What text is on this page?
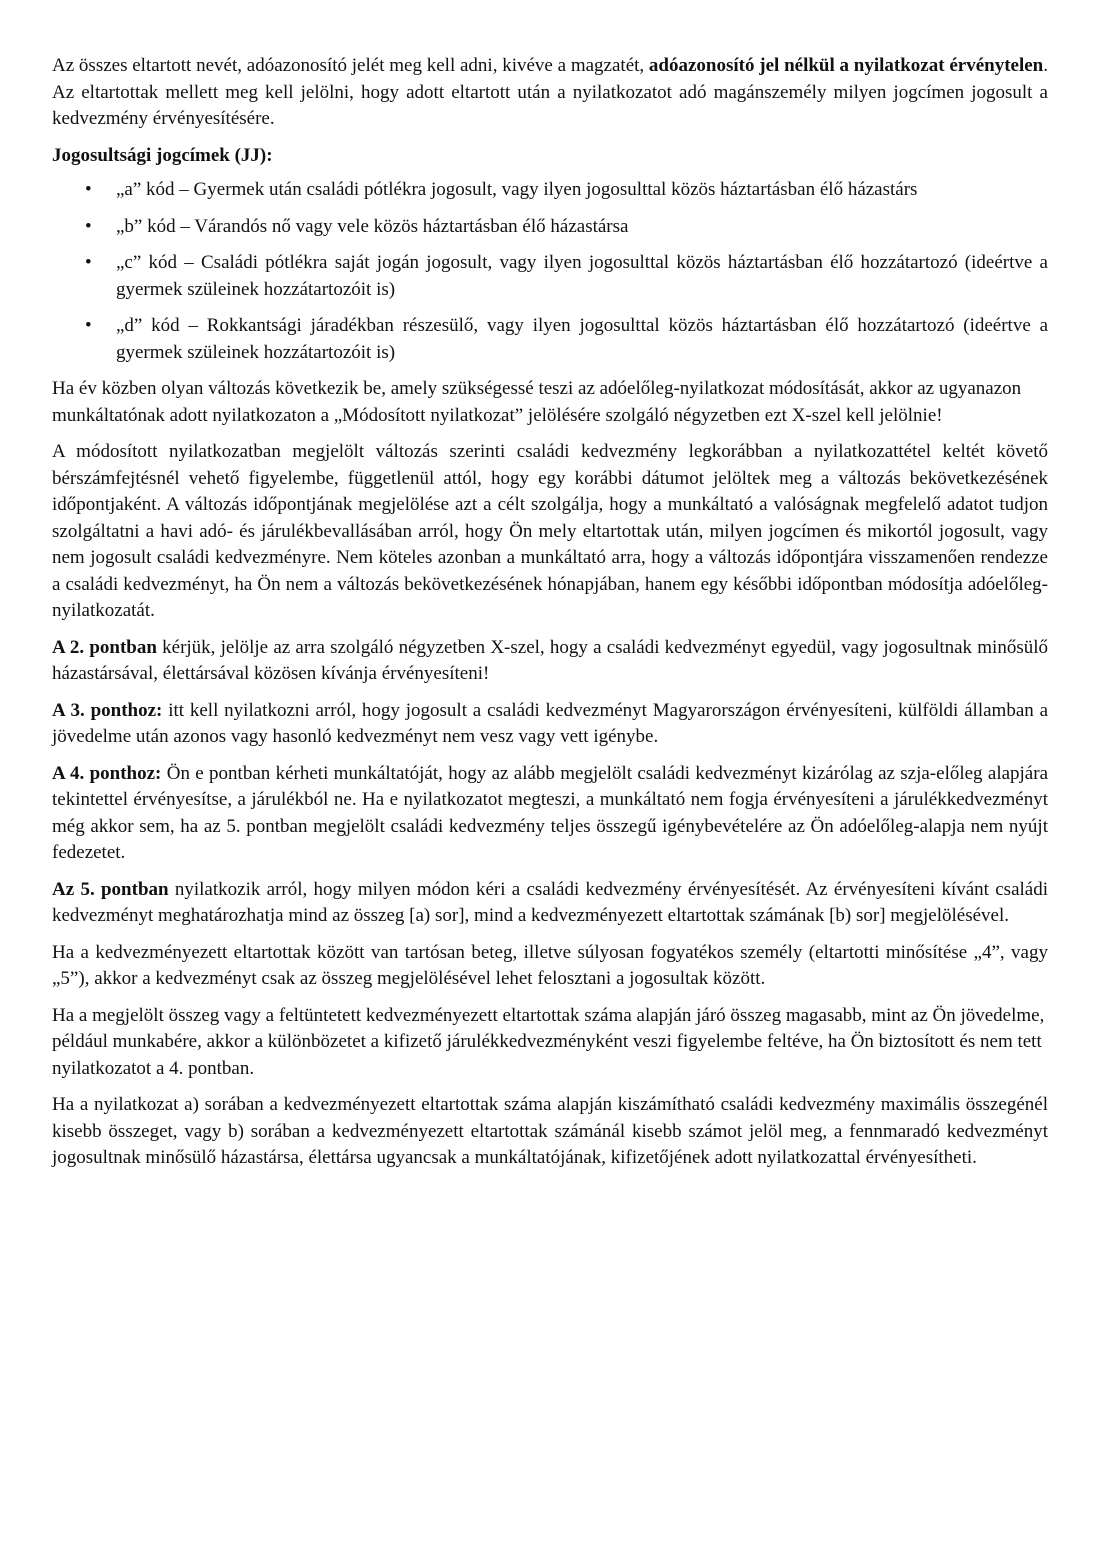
Az összes eltartott nevét, adóazonosító jelét meg kell adni, kivéve a magzatét, adóazonosító jel nélkül a nyilatkozat érvénytelen. Az eltartottak mellett meg kell jelölni, hogy adott eltartott után a nyilatkozatot adó magánszemély milyen jogcímen jogosult a kedvezmény érvényesítésére.

Jogosultsági jogcímek (JJ):
• „a” kód – Gyermek után családi pótlékra jogosult, vagy ilyen jogosulttal közös háztartásban élő házastárs
• „b” kód – Várandós nő vagy vele közös háztartásban élő házastársa
• „c” kód – Családi pótlékra saját jogán jogosult, vagy ilyen jogosulttal közös háztartásban élő hozzátartozó (ideértve a gyermek szüleinek hozzátartozóit is)
• „d” kód – Rokkantsági járadékban részesülő, vagy ilyen jogosulttal közös háztartásban élő hozzátartozó (ideértve a gyermek szüleinek hozzátartozóit is)

Ha év közben olyan változás következik be, amely szükségessé teszi az adóelőleg-nyilatkozat módosítását, akkor az ugyanazon munkáltatónak adott nyilatkozaton a „Módosított nyilatkozat” jelölésére szolgáló négyzetben ezt X-szel kell jelölnie!

A módosított nyilatkozatban megjelölt változás szerinti családi kedvezmény legkorábban a nyilatkozattétel keltét követő bérszámfejtésnél vehető figyelembe, függetlenül attól, hogy egy korábbi dátumot jelöltek meg a változás bekövetkezésének időpontjaként. A változás időpontjának megjelölése azt a célt szolgálja, hogy a munkáltató a valóságnak megfelelő adatot tudjon szolgáltatni a havi adó- és járulékbevallásában arról, hogy Ön mely eltartottak után, milyen jogcímen és mikortól jogosult, vagy nem jogosult családi kedvezményre. Nem köteles azonban a munkáltató arra, hogy a változás időpontjára visszamenően rendezze a családi kedvezményt, ha Ön nem a változás bekövetkezésének hónapjában, hanem egy későbbi időpontban módosítja adóelőleg-nyilatkozatát.

A 2. pontban kérjük, jelölje az arra szolgáló négyzetben X-szel, hogy a családi kedvezményt egyedül, vagy jogosultnak minősülő házastársával, élettársával közösen kívánja érvényesíteni!

A 3. ponthoz: itt kell nyilatkozni arról, hogy jogosult a családi kedvezményt Magyarországon érvényesíteni, külföldi államban a jövedelme után azonos vagy hasonló kedvezményt nem vesz vagy vett igénybe.

A 4. ponthoz: Ön e pontban kérheti munkáltatóját, hogy az alább megjelölt családi kedvezményt kizárólag az szja-előleg alapjára tekintettel érvényesítse, a járulékból ne. Ha e nyilatkozatot megteszi, a munkáltató nem fogja érvényesíteni a járulékkedvezményt még akkor sem, ha az 5. pontban megjelölt családi kedvezmény teljes összegű igénybevételére az Ön adóelőleg-alapja nem nyújt fedezetet.

Az 5. pontban nyilatkozik arról, hogy milyen módon kéri a családi kedvezmény érvényesítését. Az érvényesíteni kívánt családi kedvezményt meghatározhatja mind az összeg [a) sor], mind a kedvezményezett eltartottak számának [b) sor] megjelölésével.

Ha a kedvezményezett eltartottak között van tartósan beteg, illetve súlyosan fogyatékos személy (eltartotti minősítése „4”, vagy „5”), akkor a kedvezményt csak az összeg megjelölésével lehet felosztani a jogosultak között.

Ha a megjelölt összeg vagy a feltüntetett kedvezményezett eltartottak száma alapján járó összeg magasabb, mint az Ön jövedelme, például munkabére, akkor a különbözetet a kifizető járulékkedvezményként veszi figyelembe feltéve, ha Ön biztosított és nem tett nyilatkozatot a 4. pontban.

Ha a nyilatkozat a) sorában a kedvezményezett eltartottak száma alapján kiszámítható családi kedvezmény maximális összegénél kisebb összeget, vagy b) sorában a kedvezményezett eltartottak számánál kisebb számot jelöl meg, a fennmaradó kedvezményt jogosultnak minősülő házastársa, élettársa ugyancsak a munkáltatójának, kifizetőjének adott nyilatkozattal érvényesítheti.
